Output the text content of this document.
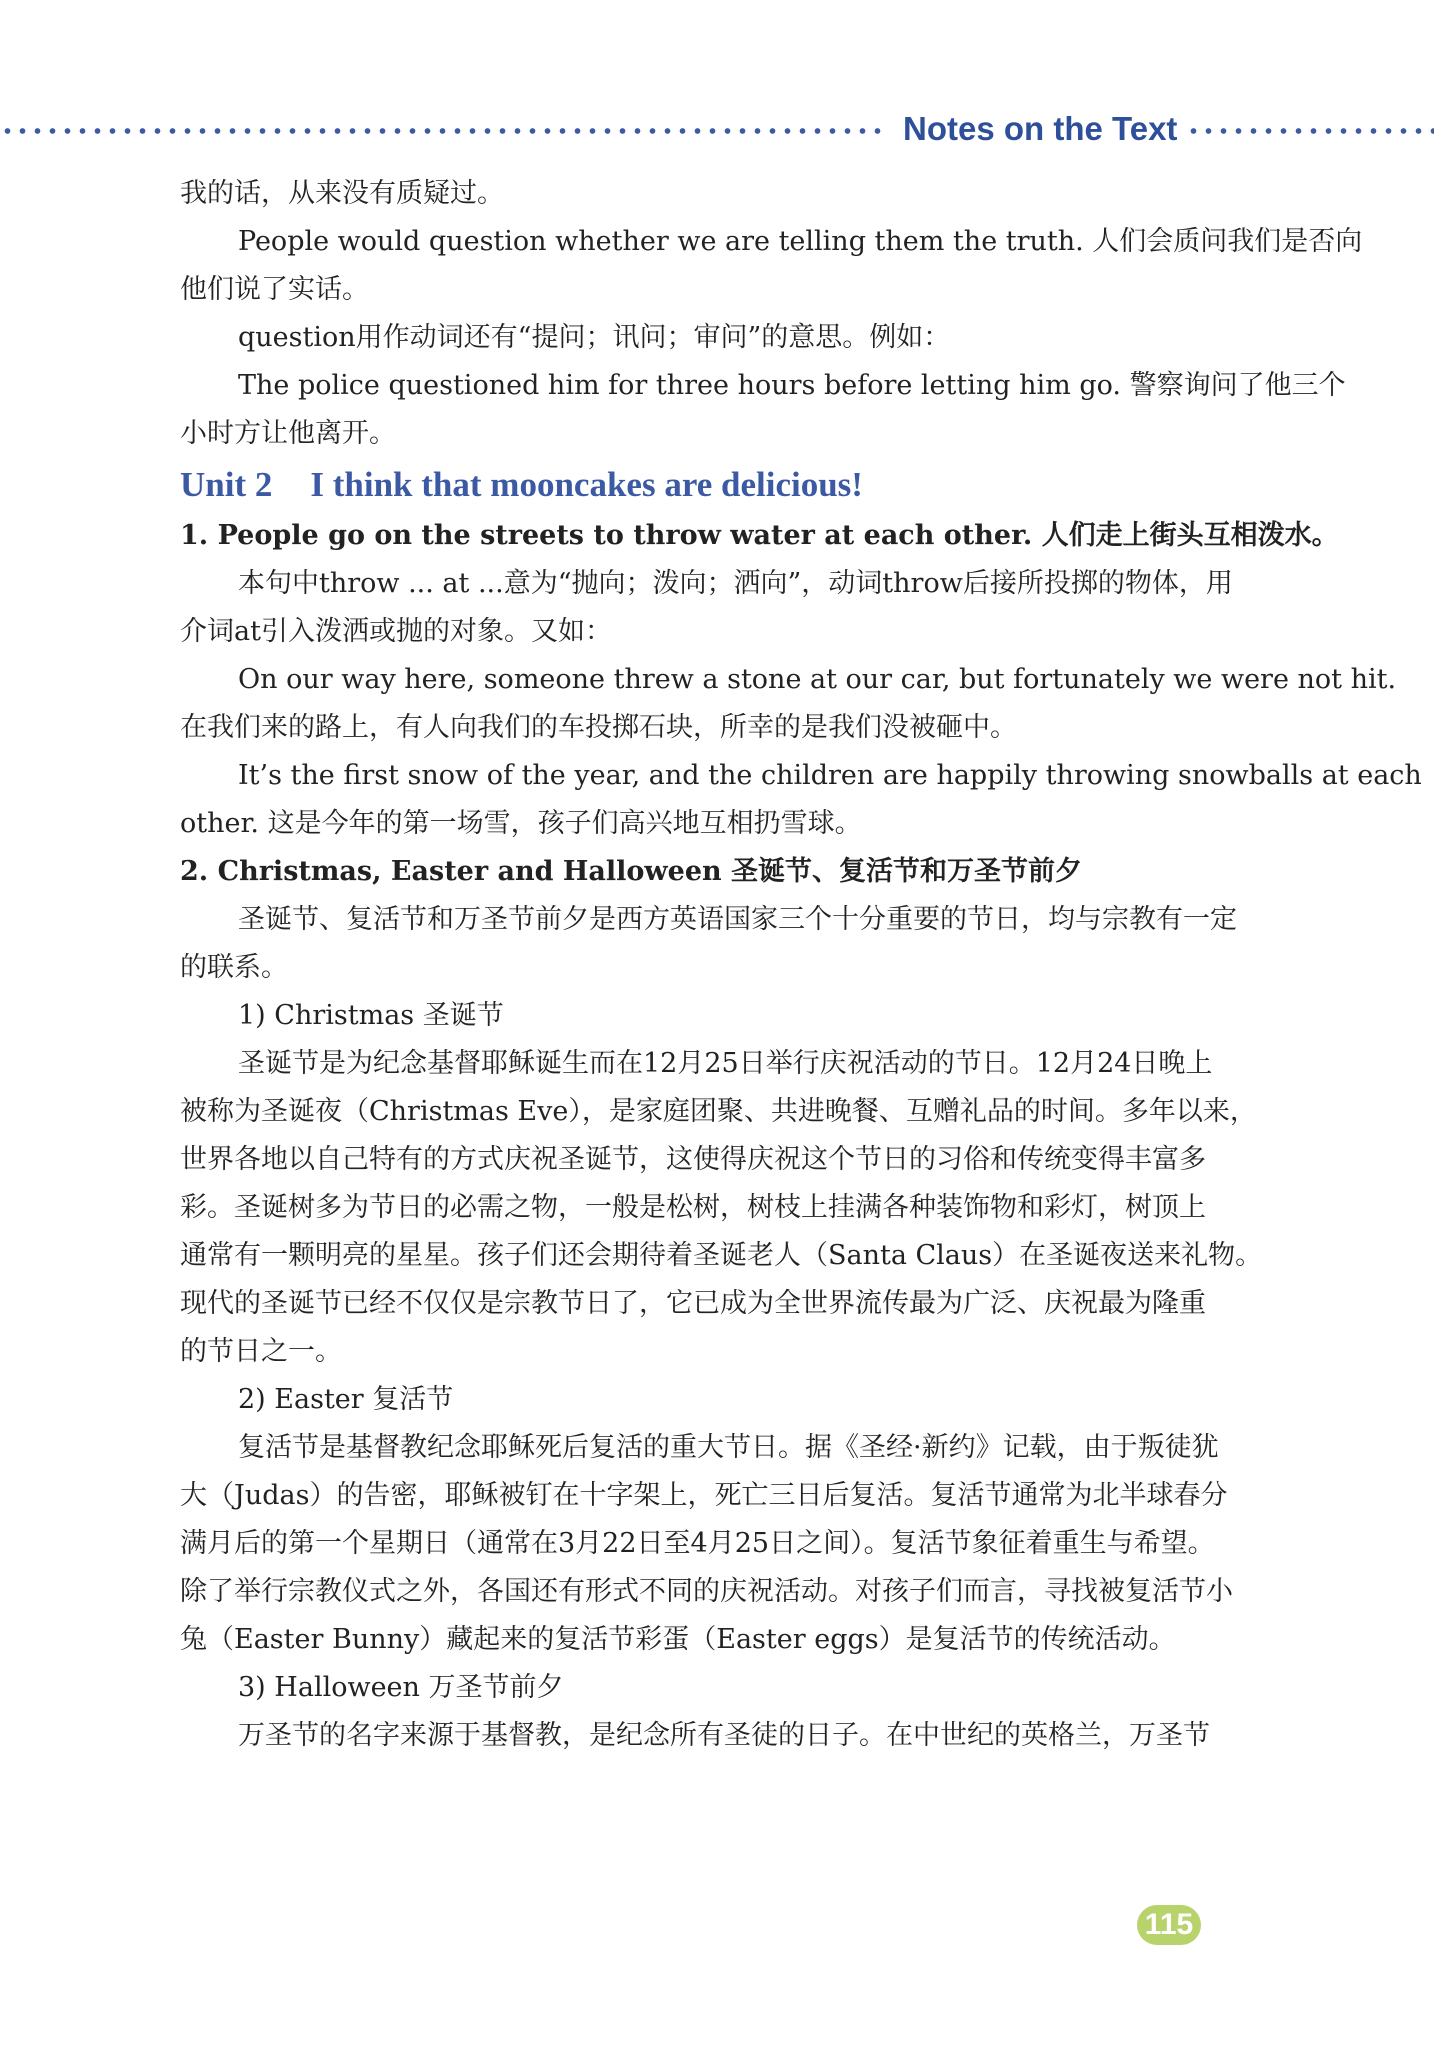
Notes on the Text

我的话，从来没有质疑过。

People would question whether we are telling them the truth. 人们会质问我们是否向

他们说了实话。

question用作动词还有“提问；讯问；审问”的意思。例如：

The police questioned him for three hours before letting him go. 警察询问了他三个

小时方让他离开。

Unit 2 I think that mooncakes are delicious!

1. People go on the streets to throw water at each other. 人们走上街头互相泼水。

本句中throw ... at ...意为“抛向；泼向；洒向”，动词throw后接所投掷的物体，用

介词at引入泼洒或抛的对象。又如：

On our way here, someone threw a stone at our car, but fortunately we were not hit.

在我们来的路上，有人向我们的车投掷石块，所幸的是我们没被砸中。

It’s the first snow of the year, and the children are happily throwing snowballs at each

other. 这是今年的第一场雪，孩子们高兴地互相扔雪球。

2. Christmas, Easter and Halloween 圣诞节、复活节和万圣节前夕

圣诞节、复活节和万圣节前夕是西方英语国家三个十分重要的节日，均与宗教有一定

的联系。

1) Christmas 圣诞节

圣诞节是为纪念基督耶稣诞生而在12月25日举行庆祝活动的节日。12月24日晚上

被称为圣诞夜（Christmas Eve），是家庭团聚、共进晚餐、互赠礼品的时间。多年以来，

世界各地以自己特有的方式庆祝圣诞节，这使得庆祝这个节日的习俗和传统变得丰富多

彩。圣诞树多为节日的必需之物，一般是松树，树枝上挂满各种装饰物和彩灯，树顶上

通常有一颗明亮的星星。孩子们还会期待着圣诞老人（Santa Claus）在圣诞夜送来礼物。

现代的圣诞节已经不仅仅是宗教节日了，它已成为全世界流传最为广泛、庆祝最为隆重

的节日之一。

2) Easter 复活节

复活节是基督教纪念耶稣死后复活的重大节日。据《圣经·新约》记载，由于叛徒犹

大（Judas）的告密，耶稣被钉在十字架上，死亡三日后复活。复活节通常为北半球春分

满月后的第一个星期日（通常在3月22日至4月25日之间）。复活节象征着重生与希望。

除了举行宗教仪式之外，各国还有形式不同的庆祝活动。对孩子们而言，寻找被复活节小

兔（Easter Bunny）藏起来的复活节彩蛋（Easter eggs）是复活节的传统活动。

3) Halloween 万圣节前夕

万圣节的名字来源于基督教，是纪念所有圣徒的日子。在中世纪的英格兰，万圣节

115
